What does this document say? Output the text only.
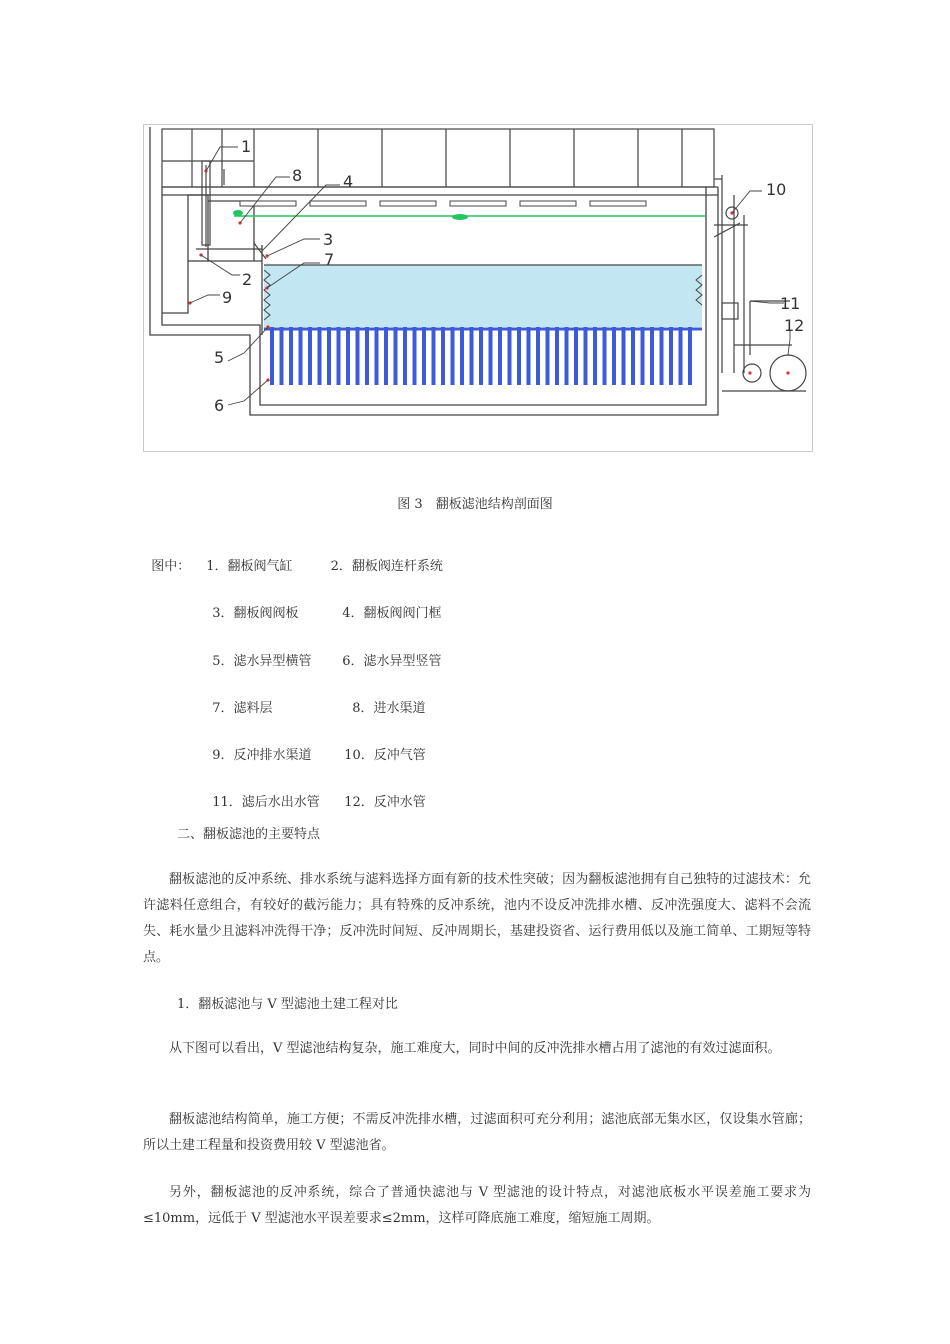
1
2
3
4
5
6
7
8
9
10
11
12
图 3　翻板滤池结构剖面图

图中： 1．翻板阀气缸	2．翻板阀连杆系统

3．翻板阀阀板	4．翻板阀阀门框

5．滤水异型横管 6．滤水异型竖管

7．滤料层	8．进水渠道

9．反冲排水渠道	10．反冲气管

11．滤后水出水管 12．反冲水管

二、翻板滤池的主要特点
翻板滤池的反冲系统、排水系统与滤料选择方面有新的技术性突破；因为翻板滤池拥有自己独特的过滤技术：允许滤料任意组合，有较好的截污能力；具有特殊的反冲系统，池内不设反冲洗排水槽、反冲洗强度大、滤料不会流失、耗水量少且滤料冲洗得干净；反冲洗时间短、反冲周期长，基建投资省、运行费用低以及施工简单、工期短等特点。
1．翻板滤池与 V 型滤池土建工程对比
从下图可以看出，V 型滤池结构复杂，施工难度大，同时中间的反冲洗排水槽占用了滤池的有效过滤面积。
翻板滤池结构简单，施工方便；不需反冲洗排水槽，过滤面积可充分利用；滤池底部无集水区，仅设集水管廊；所以土建工程量和投资费用较 V 型滤池省。
另外，翻板滤池的反冲系统，综合了普通快滤池与 V 型滤池的设计特点，对滤池底板水平误差施工要求为≤10mm，远低于 V 型滤池水平误差要求≤2mm，这样可降底施工难度，缩短施工周期。
